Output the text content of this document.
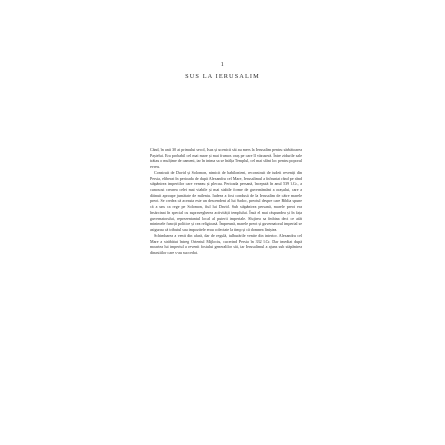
1
SUS LA IERUSALIM

Când, în anii 30 ai primului secol, Isus și ucenicii săi au mers la Ierusalim pentru sărbătoarea Paștelui. Era probabil cel mai mare și mai frumos oraș pe care îl văzuseră. Între zidurile sale trăiau o mulțime de oameni, iar în inima sa se înălța Templul, cel mai sfânt loc pentru poporul evreu.

Construit de David și Solomon, nimicit de babilonieni, reconstruit de iudeii reveniți din Persia, eliberat în perioada de după Alexandru cel Mare, Ierusalimul a înfruntat rând pe rând stăpânirea imperiilor care veneau și plecau. Perioada persană, începută în anul 539 î.Cr., a cunoscut crearea celei mai viabile și mai stabile forme de guvernământ a orașului, care a dăinuit aproape jumătate de mileniu. Iudeea a fost condusă de la Ierusalim de către marele preot. Se credea că aceasta este un descendent al lui Sadoc, preotul despre care Biblia spune că a uns ca rege pe Solomon, fiul lui David. Sub stăpânirea persană, marele preot era însărcinat în special cu supravegherea activității templului. Însă el mai răspundea și în fața guvernatorului, reprezentantul local al puterii imperiale. Slujirea sa îmbina deci ce atât minimele funcții politice și cea religioasă. Împreună, marele preot și guvernatorul imperial se asigurau că tributul sau impozitele erau colectate la timp și că domnea liniștea.

Schimbarea a venit din afară, dar de regulă, tulburările venite din interior. Alexandru cel Mare a străbătut întreg Orientul Mijlociu, cucerind Persia în 332 î.Cr. Dar imediat după moartea lui imperiul a revenit fostului generalilor săi, iar Ierusalimul a ajuns sub stăpânirea dinastiilor care s-au succedat.
